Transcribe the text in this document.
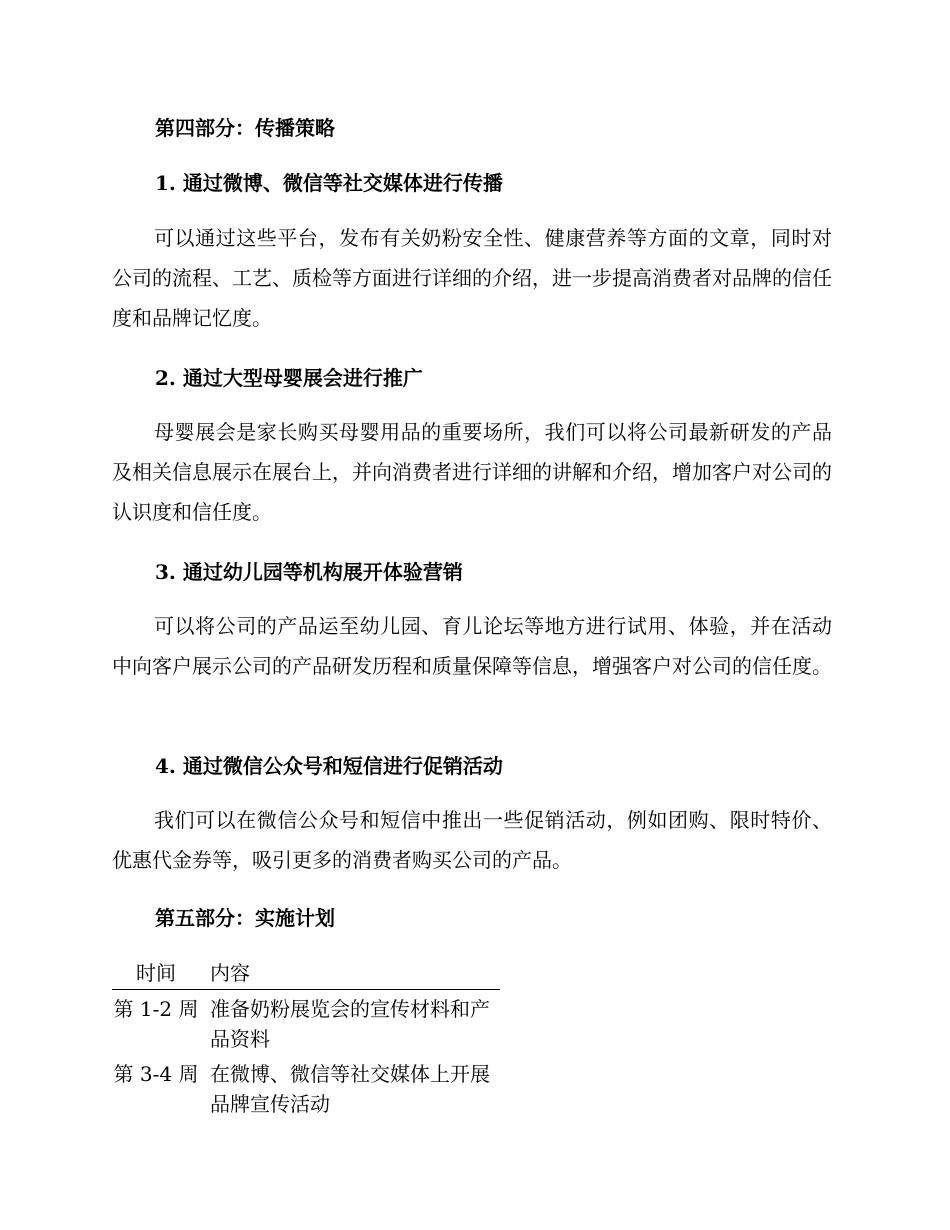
第四部分：传播策略
1. 通过微博、微信等社交媒体进行传播
可以通过这些平台，发布有关奶粉安全性、健康营养等方面的文章，同时对公司的流程、工艺、质检等方面进行详细的介绍，进一步提高消费者对品牌的信任度和品牌记忆度。
2. 通过大型母婴展会进行推广
母婴展会是家长购买母婴用品的重要场所，我们可以将公司最新研发的产品及相关信息展示在展台上，并向消费者进行详细的讲解和介绍，增加客户对公司的认识度和信任度。
3. 通过幼儿园等机构展开体验营销
可以将公司的产品运至幼儿园、育儿论坛等地方进行试用、体验，并在活动中向客户展示公司的产品研发历程和质量保障等信息，增强客户对公司的信任度。
4. 通过微信公众号和短信进行促销活动
我们可以在微信公众号和短信中推出一些促销活动，例如团购、限时特价、优惠代金券等，吸引更多的消费者购买公司的产品。
第五部分：实施计划
时间	内容
第 1-2 周	准备奶粉展览会的宣传材料和产品资料
第 3-4 周	在微博、微信等社交媒体上开展品牌宣传活动
